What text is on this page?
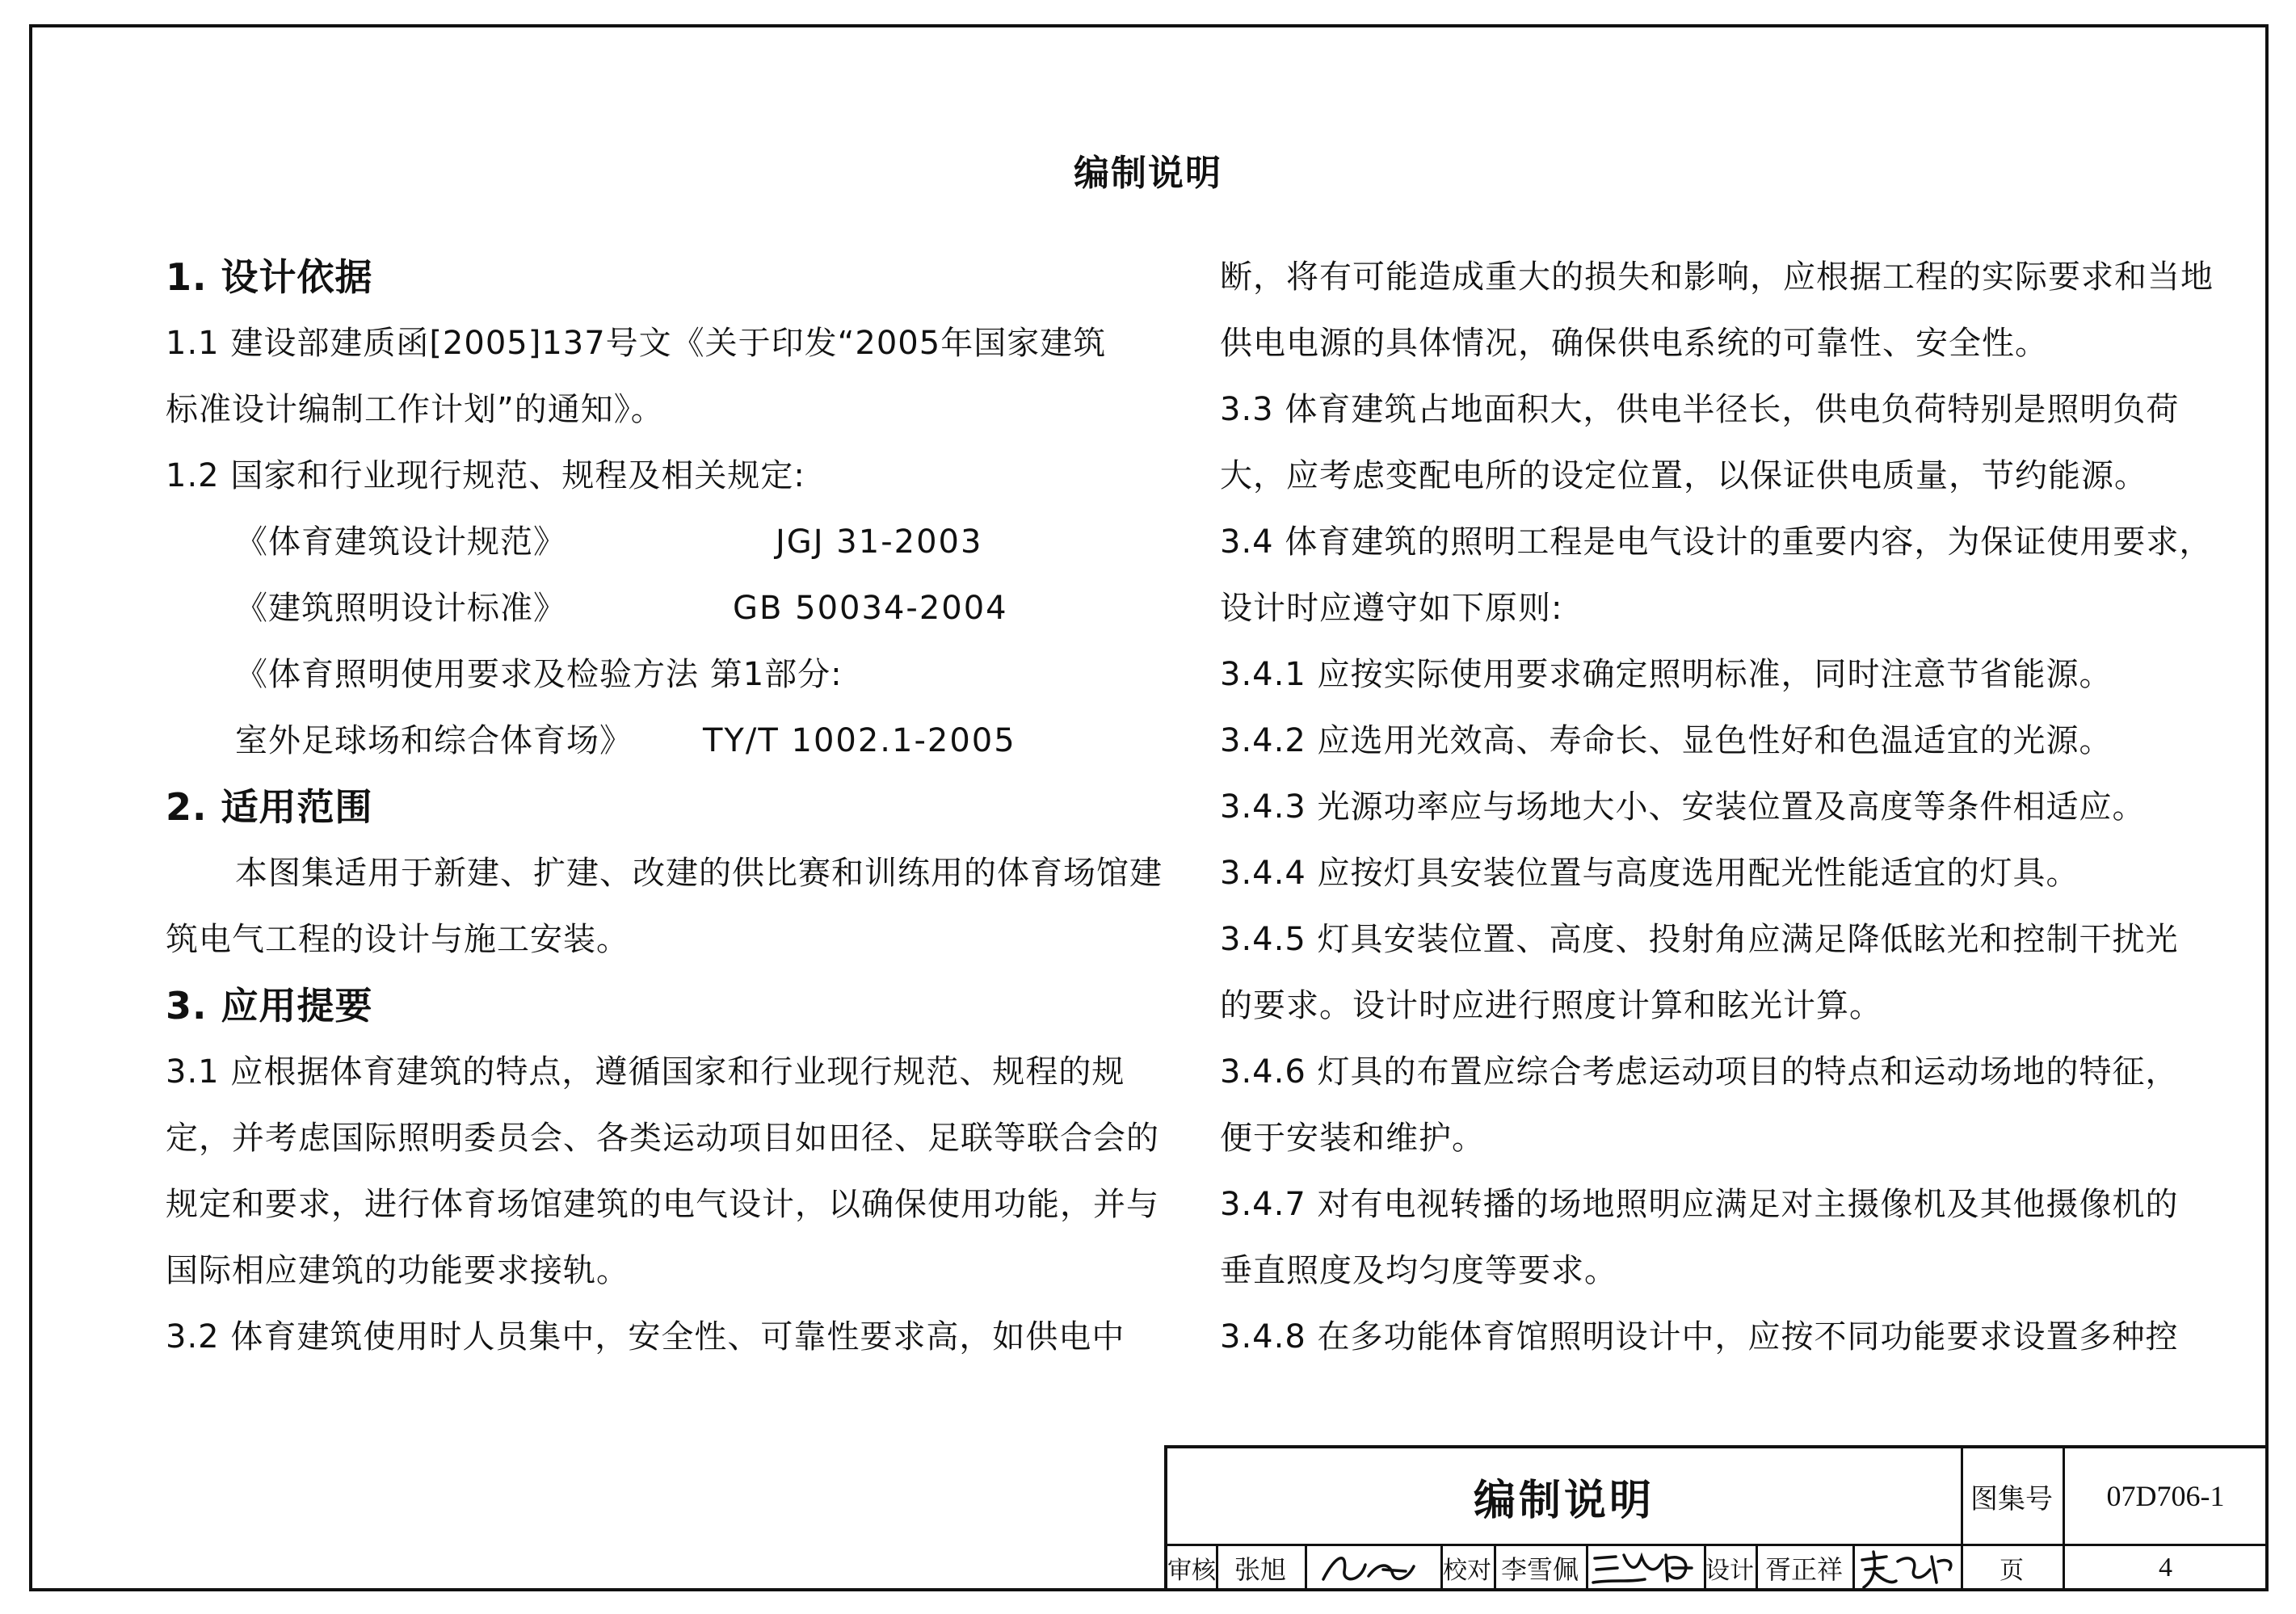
编制说明
1. 设计依据
1.1 建设部建质函[2005]137号文《关于印发“2005年国家建筑
标准设计编制工作计划”的通知》。
1.2 国家和行业现行规范、规程及相关规定:
《体育建筑设计规范》	JGJ 31-2003
《建筑照明设计标准》	GB 50034-2004
《体育照明使用要求及检验方法 第1部分:
室外足球场和综合体育场》 TY/T 1002.1-2005
2. 适用范围
本图集适用于新建、扩建、改建的供比赛和训练用的体育场馆建
筑电气工程的设计与施工安装。
3. 应用提要
3.1 应根据体育建筑的特点，遵循国家和行业现行规范、规程的规
定，并考虑国际照明委员会、各类运动项目如田径、足联等联合会的
规定和要求，进行体育场馆建筑的电气设计，以确保使用功能，并与
国际相应建筑的功能要求接轨。
3.2 体育建筑使用时人员集中，安全性、可靠性要求高，如供电中
断，将有可能造成重大的损失和影响，应根据工程的实际要求和当地
供电电源的具体情况，确保供电系统的可靠性、安全性。
3.3 体育建筑占地面积大，供电半径长，供电负荷特别是照明负荷
大，应考虑变配电所的设定位置，以保证供电质量，节约能源。
3.4 体育建筑的照明工程是电气设计的重要内容，为保证使用要求，
设计时应遵守如下原则:
3.4.1 应按实际使用要求确定照明标准，同时注意节省能源。
3.4.2 应选用光效高、寿命长、显色性好和色温适宜的光源。
3.4.3 光源功率应与场地大小、安装位置及高度等条件相适应。
3.4.4 应按灯具安装位置与高度选用配光性能适宜的灯具。
3.4.5 灯具安装位置、高度、投射角应满足降低眩光和控制干扰光
的要求。设计时应进行照度计算和眩光计算。
3.4.6 灯具的布置应综合考虑运动项目的特点和运动场地的特征，
便于安装和维护。
3.4.7 对有电视转播的场地照明应满足对主摄像机及其他摄像机的
垂直照度及均匀度等要求。
3.4.8 在多功能体育馆照明设计中，应按不同功能要求设置多种控
编制说明	图集号	07D706-1
审核 张旭	校对 李雪佩	设计 胥正祥	页	4
